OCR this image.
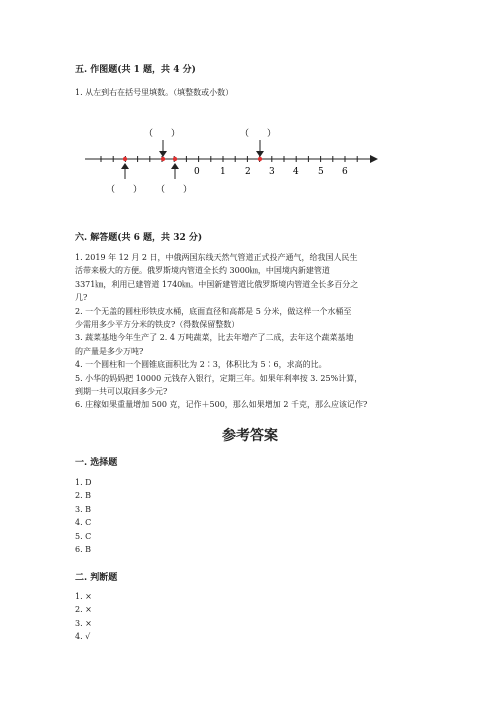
五. 作图题(共 1 题，共 4 分)
1. 从左到右在括号里填数。（填整数或小数）
（　　）	（　　）
（　　） （　　）
0 1 2 3 4 5 6
六. 解答题(共 6 题，共 32 分)
1. 2019 年 12 月 2 日，中俄两国东线天然气管道正式投产通气，给我国人民生
活带来极大的方便。俄罗斯境内管道全长约 3000㎞，中国境内新建管道
3371㎞，利用已建管道 1740㎞。中国新建管道比俄罗斯境内管道全长多百分之
几?
2. 一个无盖的圆柱形铁皮水桶，底面直径和高都是 5 分米，做这样一个水桶至
少需用多少平方分米的铁皮?（得数保留整数）
3. 蔬菜基地今年生产了 2. 4 万吨蔬菜，比去年增产了二成，去年这个蔬菜基地
的产量是多少万吨?
4. 一个圆柱和一个圆锥底面积比为 2∶3，体积比为 5∶6，求高的比。
5. 小华的妈妈把 10000 元钱存入银行，定期三年。如果年利率按 3. 25%计算，
到期一共可以取回多少元?
6. 庄稼如果重量增加 500 克，记作＋500，那么如果增加 2 千克，那么应该记作?
参考答案
一. 选择题
1. D
2. B
3. B
4. C
5. C
6. B
二. 判断题
1. ×
2. ×
3. ×
4. √
